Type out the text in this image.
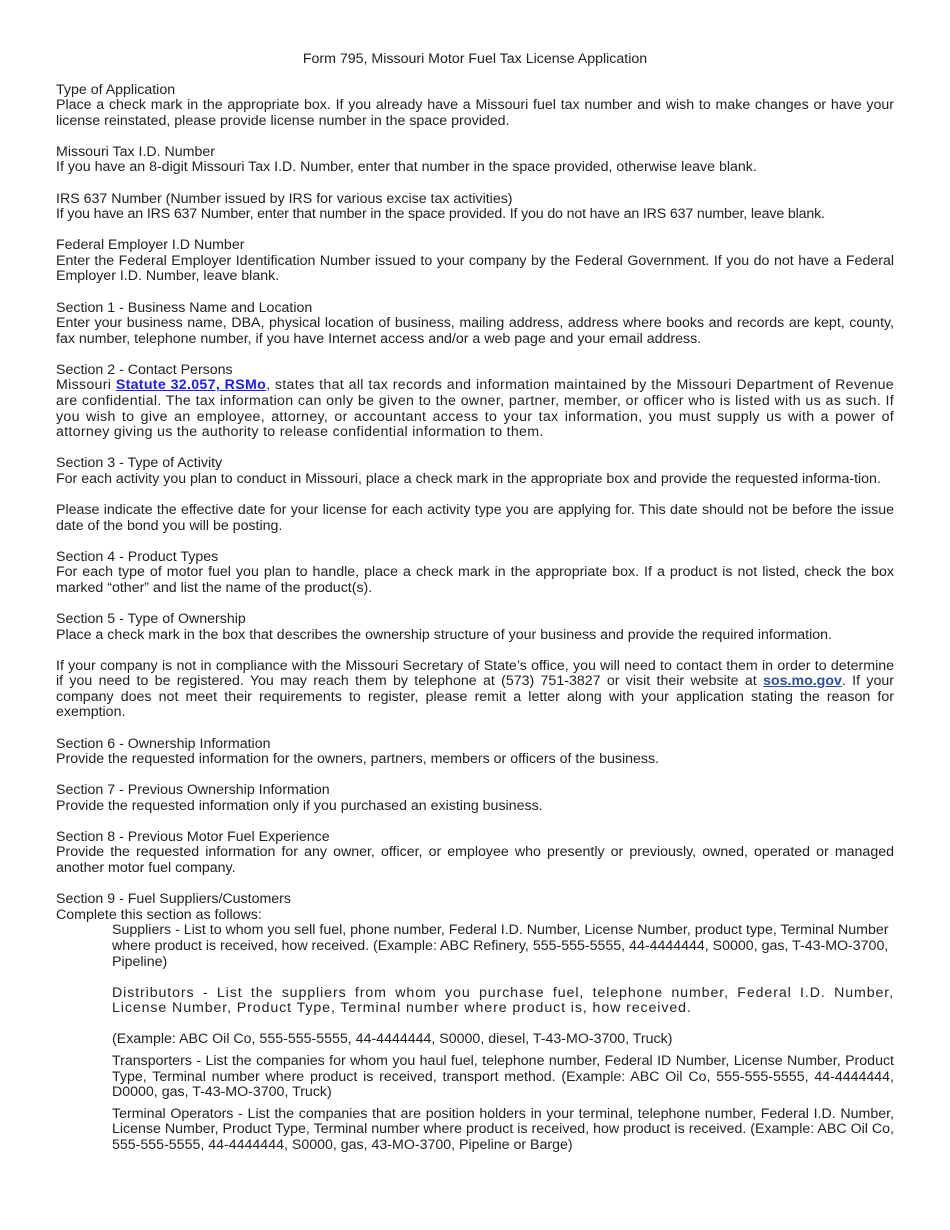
Form 795, Missouri Motor Fuel Tax License Application
Type of Application
Place a check mark in the appropriate box. If you already have a Missouri fuel tax number and wish to make changes or have your license reinstated, please provide license number in the space provided.
Missouri Tax I.D. Number
If you have an 8-digit Missouri Tax I.D. Number, enter that number in the space provided, otherwise leave blank.
IRS 637 Number (Number issued by IRS for various excise tax activities)
If you have an IRS 637 Number, enter that number in the space provided. If you do not have an IRS 637 number, leave blank.
Federal Employer I.D Number
Enter the Federal Employer Identification Number issued to your company by the Federal Government. If you do not have a Federal Employer I.D. Number, leave blank.
Section 1 - Business Name and Location
Enter your business name, DBA, physical location of business, mailing address, address where books and records are kept, county, fax number, telephone number, if you have Internet access and/or a web page and your email address.
Section 2 - Contact Persons
Missouri Statute 32.057, RSMo, states that all tax records and information maintained by the Missouri Department of Revenue are confidential. The tax information can only be given to the owner, partner, member, or officer who is listed with us as such. If you wish to give an employee, attorney, or accountant access to your tax information, you must supply us with a power of attorney giving us the authority to release confidential information to them.
Section 3 - Type of Activity
For each activity you plan to conduct in Missouri, place a check mark in the appropriate box and provide the requested informa-tion.
Please indicate the effective date for your license for each activity type you are applying for. This date should not be before the issue date of the bond you will be posting.
Section 4 - Product Types
For each type of motor fuel you plan to handle, place a check mark in the appropriate box. If a product is not listed, check the box marked “other” and list the name of the product(s).
Section 5 - Type of Ownership
Place a check mark in the box that describes the ownership structure of your business and provide the required information.
If your company is not in compliance with the Missouri Secretary of State’s office, you will need to contact them in order to determine if you need to be registered. You may reach them by telephone at (573) 751-3827 or visit their website at sos.mo.gov. If your company does not meet their requirements to register, please remit a letter along with your application stating the reason for exemption.
Section 6 - Ownership Information
Provide the requested information for the owners, partners, members or officers of the business.
Section 7 - Previous Ownership Information
Provide the requested information only if you purchased an existing business.
Section 8 - Previous Motor Fuel Experience
Provide the requested information for any owner, officer, or employee who presently or previously, owned, operated or managed another motor fuel company.
Section 9 - Fuel Suppliers/Customers
Complete this section as follows:

Suppliers - List to whom you sell fuel, phone number, Federal I.D. Number, License Number, product type, Terminal Number where product is received, how received. (Example: ABC Refinery, 555-555-5555, 44-4444444, S0000, gas, T-43-MO-3700, Pipeline)

Distributors - List the suppliers from whom you purchase fuel, telephone number, Federal I.D. Number, License Number, Product Type, Terminal number where product is, how received.

(Example: ABC Oil Co, 555-555-5555, 44-4444444, S0000, diesel, T-43-MO-3700, Truck)

Transporters - List the companies for whom you haul fuel, telephone number, Federal ID Number, License Number, Product Type, Terminal number where product is received, transport method. (Example: ABC Oil Co, 555-555-5555, 44-4444444, D0000, gas, T-43-MO-3700, Truck)

Terminal Operators - List the companies that are position holders in your terminal, telephone number, Federal I.D. Number, License Number, Product Type, Terminal number where product is received, how product is received. (Example: ABC Oil Co, 555-555-5555, 44-4444444, S0000, gas, 43-MO-3700, Pipeline or Barge)
